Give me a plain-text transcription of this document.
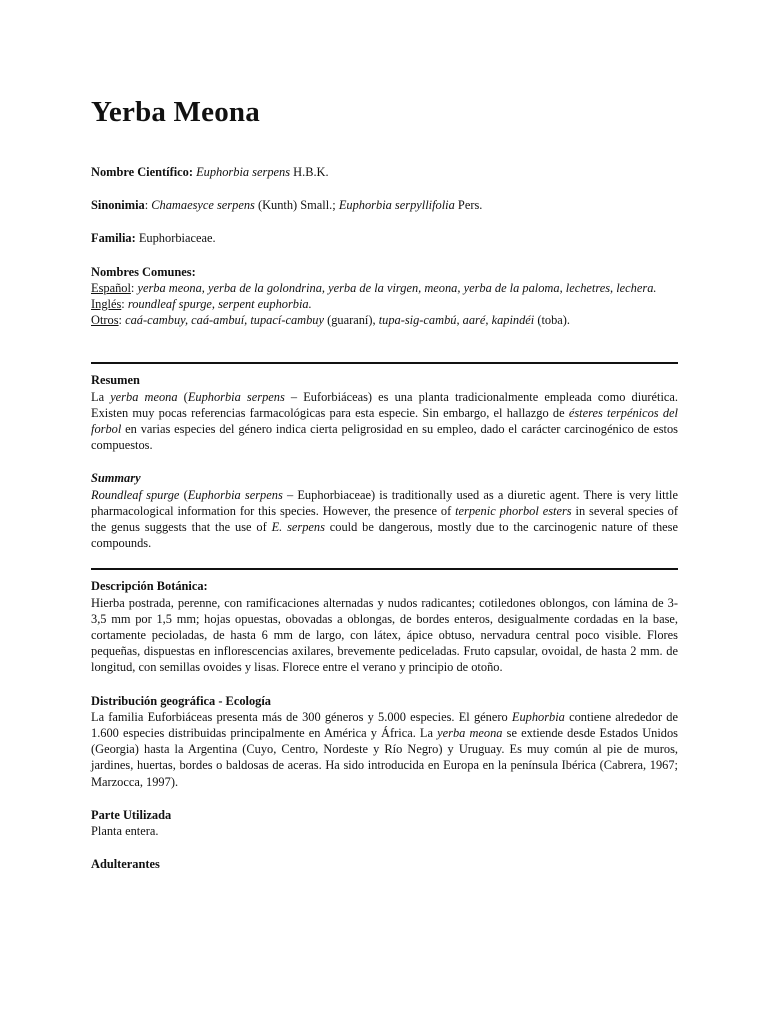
Yerba Meona

Nombre Científico: Euphorbia serpens H.B.K.

Sinonimia: Chamaesyce serpens (Kunth) Small.; Euphorbia serpyllifolia Pers.

Familia: Euphorbiaceae.

Nombres Comunes:

Español: yerba meona, yerba de la golondrina, yerba de la virgen, meona, yerba de la paloma, lechetres, lechera.

Inglés: roundleaf spurge, serpent euphorbia.

Otros: caá-cambuy, caá-ambuí, tupací-cambuy (guaraní), tupa-sig-cambú, aaré, kapindéi (toba).

Resumen

La yerba meona (Euphorbia serpens – Euforbiáceas) es una planta tradicionalmente empleada como diurética. Existen muy pocas referencias farmacológicas para esta especie. Sin embargo, el hallazgo de ésteres terpénicos del forbol en varias especies del género indica cierta peligrosidad en su empleo, dado el carácter carcinogénico de estos compuestos.

Summary

Roundleaf spurge (Euphorbia serpens – Euphorbiaceae) is traditionally used as a diuretic agent. There is very little pharmacological information for this species. However, the presence of terpenic phorbol esters in several species of the genus suggests that the use of E. serpens could be dangerous, mostly due to the carcinogenic nature of these compounds.

Descripción Botánica:

Hierba postrada, perenne, con ramificaciones alternadas y nudos radicantes; cotiledones oblongos, con lámina de 3-3,5 mm por 1,5 mm; hojas opuestas, obovadas a oblongas, de bordes enteros, desigualmente cordadas en la base, cortamente pecioladas, de hasta 6 mm de largo, con látex, ápice obtuso, nervadura central poco visible. Flores pequeñas, dispuestas en inflorescencias axilares, brevemente pediceladas. Fruto capsular, ovoidal, de hasta 2 mm. de longitud, con semillas ovoides y lisas. Florece entre el verano y principio de otoño.

Distribución geográfica - Ecología

La familia Euforbiáceas presenta más de 300 géneros y 5.000 especies. El género Euphorbia contiene alrededor de 1.600 especies distribuidas principalmente en América y África. La yerba meona se extiende desde Estados Unidos (Georgia) hasta la Argentina (Cuyo, Centro, Nordeste y Río Negro) y Uruguay. Es muy común al pie de muros, jardines, huertas, bordes o baldosas de aceras. Ha sido introducida en Europa en la península Ibérica (Cabrera, 1967; Marzocca, 1997).

Parte Utilizada

Planta entera.

Adulterantes
